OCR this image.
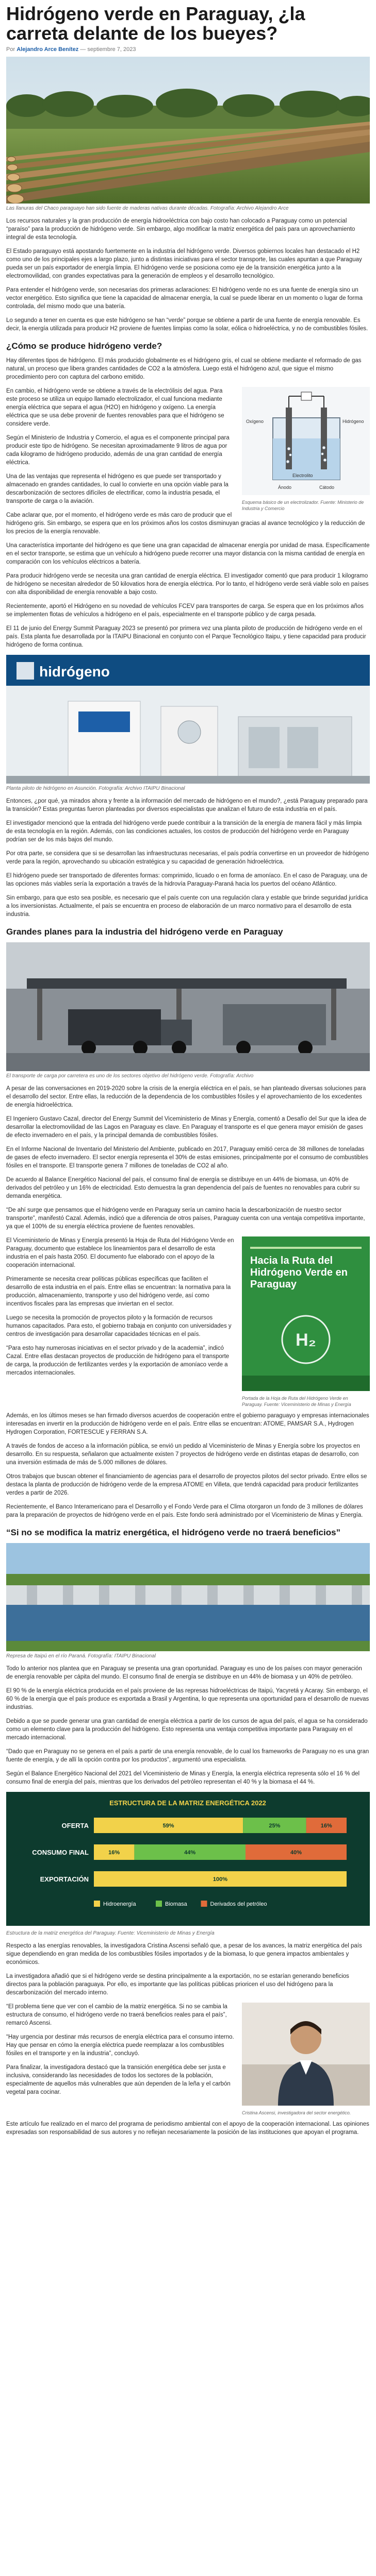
Hidrógeno verde en Paraguay, ¿la carreta delante de los bueyes?
Por Alejandro Arce Benítez — septiembre 7, 2023
Las llanuras del Chaco paraguayo han sido fuente de maderas nativas durante décadas. Fotografía: Archivo Alejandro Arce

Los recursos naturales y la gran producción de energía hidroeléctrica con bajo costo han colocado a Paraguay como un potencial “paraíso” para la producción de hidrógeno verde. Sin embargo, algo modificar la matriz energética del país para un aprovechamiento integral de esta tecnología.

El Estado paraguayo está apostando fuertemente en la industria del hidrógeno verde. Diversos gobiernos locales han destacado el H2 como uno de los principales ejes a largo plazo, junto a distintas iniciativas para el sector transporte, las cuales apuntan a que Paraguay pueda ser un país exportador de energía limpia. El hidrógeno verde se posiciona como eje de la transición energética junto a la electromovilidad, con grandes expectativas para la generación de empleos y el desarrollo tecnológico.

Para entender el hidrógeno verde, son necesarias dos primeras aclaraciones: El hidrógeno verde no es una fuente de energía sino un vector energético. Esto significa que tiene la capacidad de almacenar energía, la cual se puede liberar en un momento o lugar de forma controlada, del mismo modo que una batería.

Lo segundo a tener en cuenta es que este hidrógeno se han “verde” porque se obtiene a partir de una fuente de energía renovable. Es decir, la energía utilizada para producir H2 proviene de fuentes limpias como la solar, eólica o hidroeléctrica, y no de combustibles fósiles.

¿Cómo se produce hidrógeno verde?

Hay diferentes tipos de hidrógeno. El más producido globalmente es el hidrógeno gris, el cual se obtiene mediante el reformado de gas natural, un proceso que libera grandes cantidades de CO2 a la atmósfera. Luego está el hidrógeno azul, que sigue el mismo procedimiento pero con captura del carbono emitido.

Ánodo	Cátodo
Oxígeno	Hidrógeno
Electrolito
Esquema básico de un electrolizador. Fuente: Ministerio de Industria y Comercio

En cambio, el hidrógeno verde se obtiene a través de la electrólisis del agua. Para este proceso se utiliza un equipo llamado electrolizador, el cual funciona mediante energía eléctrica que separa el agua (H2O) en hidrógeno y oxígeno. La energía eléctrica que se usa debe provenir de fuentes renovables para que el hidrógeno se considere verde.

Según el Ministerio de Industria y Comercio, el agua es el componente principal para producir este tipo de hidrógeno. Se necesitan aproximadamente 9 litros de agua por cada kilogramo de hidrógeno producido, además de una gran cantidad de energía eléctrica.

Una de las ventajas que representa el hidrógeno es que puede ser transportado y almacenado en grandes cantidades, lo cual lo convierte en una opción viable para la descarbonización de sectores difíciles de electrificar, como la industria pesada, el transporte de carga o la aviación.

Cabe aclarar que, por el momento, el hidrógeno verde es más caro de producir que el hidrógeno gris. Sin embargo, se espera que en los próximos años los costos disminuyan gracias al avance tecnológico y la reducción de los precios de la energía renovable.

Una característica importante del hidrógeno es que tiene una gran capacidad de almacenar energía por unidad de masa. Específicamente en el sector transporte, se estima que un vehículo a hidrógeno puede recorrer una mayor distancia con la misma cantidad de energía en comparación con los vehículos eléctricos a batería.

Para producir hidrógeno verde se necesita una gran cantidad de energía eléctrica. El investigador comentó que para producir 1 kilogramo de hidrógeno se necesitan alrededor de 50 kilovatios hora de energía eléctrica. Por lo tanto, el hidrógeno verde será viable solo en países con alta disponibilidad de energía renovable a bajo costo.

Recientemente, aportó el Hidrógeno en su novedad de vehículos FCEV para transportes de carga. Se espera que en los próximos años se implementen flotas de vehículos a hidrógeno en el país, especialmente en el transporte público y de carga pesada.

El 11 de junio del Energy Summit Paraguay 2023 se presentó por primera vez una planta piloto de producción de hidrógeno verde en el país. Esta planta fue desarrollada por la ITAIPU Binacional en conjunto con el Parque Tecnológico Itaipu, y tiene capacidad para producir hidrógeno de forma continua.

hidrógeno
Planta piloto de hidrógeno en Asunción. Fotografía: Archivo ITAIPU Binacional

Entonces, ¿por qué, ya mirados ahora y frente a la información del mercado de hidrógeno en el mundo?, ¿está Paraguay preparado para la transición? Estas preguntas fueron planteadas por diversos especialistas que analizan el futuro de esta industria en el país.

El investigador mencionó que la entrada del hidrógeno verde puede contribuir a la transición de la energía de manera fácil y más limpia de esta tecnología en la región. Además, con las condiciones actuales, los costos de producción del hidrógeno verde en Paraguay podrían ser de los más bajos del mundo.

Por otra parte, se considera que si se desarrollan las infraestructuras necesarias, el país podría convertirse en un proveedor de hidrógeno verde para la región, aprovechando su ubicación estratégica y su capacidad de generación hidroeléctrica.

El hidrógeno puede ser transportado de diferentes formas: comprimido, licuado o en forma de amoníaco. En el caso de Paraguay, una de las opciones más viables sería la exportación a través de la hidrovía Paraguay-Paraná hacia los puertos del océano Atlántico.

Sin embargo, para que esto sea posible, es necesario que el país cuente con una regulación clara y estable que brinde seguridad jurídica a los inversionistas. Actualmente, el país se encuentra en proceso de elaboración de un marco normativo para el desarrollo de esta industria.

Grandes planes para la industria del hidrógeno verde en Paraguay
El transporte de carga por carretera es uno de los sectores objetivo del hidrógeno verde. Fotografía: Archivo

A pesar de las conversaciones en 2019-2020 sobre la crisis de la energía eléctrica en el país, se han planteado diversas soluciones para el desarrollo del sector. Entre ellas, la reducción de la dependencia de los combustibles fósiles y el aprovechamiento de los excedentes de energía hidroeléctrica.

El Ingeniero Gustavo Cazal, director del Energy Summit del Viceministerio de Minas y Energía, comentó a Desafío del Sur que la idea de desarrollar la electromovilidad de las Lagos en Paraguay es clave. En Paraguay el transporte es el que genera mayor emisión de gases de efecto invernadero en el país, y la principal demanda de combustibles fósiles.

En el Informe Nacional de Inventario del Ministerio del Ambiente, publicado en 2017, Paraguay emitió cerca de 38 millones de toneladas de gases de efecto invernadero. El sector energía representa el 30% de estas emisiones, principalmente por el consumo de combustibles fósiles en el transporte. El transporte genera 7 millones de toneladas de CO2 al año.

De acuerdo al Balance Energético Nacional del país, el consumo final de energía se distribuye en un 44% de biomasa, un 40% de derivados del petróleo y un 16% de electricidad. Esto demuestra la gran dependencia del país de fuentes no renovables para cubrir su demanda energética.

“De ahí surge que pensamos que el hidrógeno verde en Paraguay sería un camino hacia la descarbonización de nuestro sector transporte”, manifestó Cazal. Además, indicó que a diferencia de otros países, Paraguay cuenta con una ventaja competitiva importante, ya que el 100% de su energía eléctrica proviene de fuentes renovables.

Hacia la Ruta del Hidrógeno Verde en Paraguay
H₂
Portada de la Hoja de Ruta del Hidrógeno Verde en Paraguay. Fuente: Viceministerio de Minas y Energía

El Viceministerio de Minas y Energía presentó la Hoja de Ruta del Hidrógeno Verde en Paraguay, documento que establece los lineamientos para el desarrollo de esta industria en el país hasta 2050. El documento fue elaborado con el apoyo de la cooperación internacional.

Primeramente se necesita crear políticas públicas específicas que faciliten el desarrollo de esta industria en el país. Entre ellas se encuentran: la normativa para la producción, almacenamiento, transporte y uso del hidrógeno verde, así como incentivos fiscales para las empresas que inviertan en el sector.

Luego se necesita la promoción de proyectos piloto y la formación de recursos humanos capacitados. Para esto, el gobierno trabaja en conjunto con universidades y centros de investigación para desarrollar capacidades técnicas en el país.

“Para esto hay numerosas iniciativas en el sector privado y de la academia”, indicó Cazal. Entre ellas destacan proyectos de producción de hidrógeno para el transporte de carga, la producción de fertilizantes verdes y la exportación de amoníaco verde a mercados internacionales.

Además, en los últimos meses se han firmado diversos acuerdos de cooperación entre el gobierno paraguayo y empresas internacionales interesadas en invertir en la producción de hidrógeno verde en el país. Entre ellas se encuentran: ATOME, PAMSAR S.A., Hydrogen Hydrogen Corporation, FORTESCUE y FERRAN S.A.

A través de fondos de acceso a la información pública, se envió un pedido al Viceministerio de Minas y Energía sobre los proyectos en desarrollo. En su respuesta, señalaron que actualmente existen 7 proyectos de hidrógeno verde en distintas etapas de desarrollo, con una inversión estimada de más de 5.000 millones de dólares.

Otros trabajos que buscan obtener el financiamiento de agencias para el desarrollo de proyectos pilotos del sector privado. Entre ellos se destaca la planta de producción de hidrógeno verde de la empresa ATOME en Villeta, que tendrá capacidad para producir fertilizantes verdes a partir de 2026.

Recientemente, el Banco Interamericano para el Desarrollo y el Fondo Verde para el Clima otorgaron un fondo de 3 millones de dólares para la preparación de proyectos de hidrógeno verde en el país. Este fondo será administrado por el Viceministerio de Minas y Energía.

“Si no se modifica la matriz energética, el hidrógeno verde no traerá beneficios”
Represa de Itaipú en el río Paraná. Fotografía: ITAIPU Binacional

Todo lo anterior nos plantea que en Paraguay se presenta una gran oportunidad. Paraguay es uno de los países con mayor generación de energía renovable per cápita del mundo. El consumo final de energía se distribuye en un 44% de biomasa y un 40% de petróleo.

El 90 % de la energía eléctrica producida en el país proviene de las represas hidroeléctricas de Itaipú, Yacyretá y Acaray. Sin embargo, el 60 % de la energía que el país produce es exportada a Brasil y Argentina, lo que representa una oportunidad para el desarrollo de nuevas industrias.

Debido a que se puede generar una gran cantidad de energía eléctrica a partir de los cursos de agua del país, el agua se ha considerado como un elemento clave para la producción del hidrógeno. Esto representa una ventaja competitiva importante para Paraguay en el mercado internacional.

“Dado que en Paraguay no se genera en el país a partir de una energía renovable, de lo cual los frameworks de Paraguay no es una gran fuente de energía, y de allí la opción contra por los productos”, argumentó una especialista.

Según el Balance Energético Nacional del 2021 del Viceministerio de Minas y Energía, la energía eléctrica representa sólo el 16 % del consumo final de energía del país, mientras que los derivados del petróleo representan el 40 % y la biomasa el 44 %.

ESTRUCTURA DE LA MATRIZ ENERGÉTICA 2022
OFERTA	59%	25%	16%
CONSUMO FINAL	16%	44%	40%
EXPORTACIÓN	100%
Hidroenergía	Biomasa	Derivados del petróleo
Estructura de la matriz energética del Paraguay. Fuente: Viceministerio de Minas y Energía

Respecto a las energías renovables, la investigadora Cristina Ascensi señaló que, a pesar de los avances, la matriz energética del país sigue dependiendo en gran medida de los combustibles fósiles importados y de la biomasa, lo que genera impactos ambientales y económicos.

La investigadora añadió que si el hidrógeno verde se destina principalmente a la exportación, no se estarían generando beneficios directos para la población paraguaya. Por ello, es importante que las políticas públicas prioricen el uso del hidrógeno para la descarbonización del mercado interno.

Cristina Ascensi, investigadora del sector energético.

“El problema tiene que ver con el cambio de la matriz energética. Si no se cambia la estructura de consumo, el hidrógeno verde no traerá beneficios reales para el país”, remarcó Ascensi.

“Hay urgencia por destinar más recursos de energía eléctrica para el consumo interno. Hay que pensar en cómo la energía eléctrica puede reemplazar a los combustibles fósiles en el transporte y en la industria”, concluyó.

Para finalizar, la investigadora destacó que la transición energética debe ser justa e inclusiva, considerando las necesidades de todos los sectores de la población, especialmente de aquellos más vulnerables que aún dependen de la leña y el carbón vegetal para cocinar.

Este artículo fue realizado en el marco del programa de periodismo ambiental con el apoyo de la cooperación internacional. Las opiniones expresadas son responsabilidad de sus autores y no reflejan necesariamente la posición de las instituciones que apoyan el programa.
